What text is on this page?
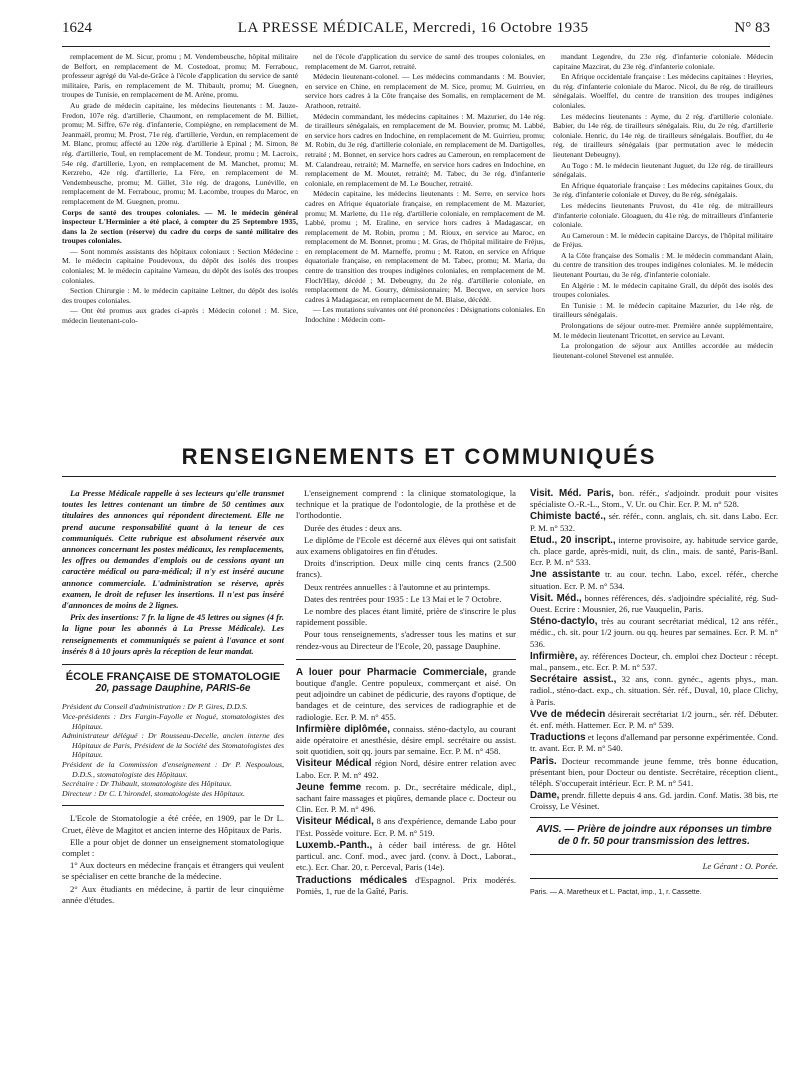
1624	LA PRESSE MÉDICALE, Mercredi, 16 Octobre 1935	N° 83

remplacement de M. Sicur, promu ; M. Vendembeusche, hôpital militaire de Belfort, en remplacement de M. Costedoat, promu; M. Ferrabouc, professeur agrégé du Val-de-Grâce à l'école d'application du service de santé militaire, Paris, en remplacement de M. Thibault, promu; M. Guegnen, troupes de Tunisie, en remplacement de M. Arène, promu.

Au grade de médecin capitaine, les médecins lieutenants : M. Jauze-Fredon, 107e rég. d'artillerie, Chaumont, en remplacement de M. Billiet, promu; M. Siffre, 67e rég. d'infanterie, Compiègne, en remplacement de M. Jeanmaël, promu; M. Prost, 71e rég. d'artillerie, Verdun, en remplacement de M. Blanc, promu; affecté au 120e rég. d'artillerie à Epinal ; M. Simon, 8e rég. d'artillerie, Toul, en remplacement de M. Tondeur, promu ; M. Lacroix, 54e rég. d'artillerie, Lyon, en remplacement de M. Manchet, promu; M. Kerzreho, 42e rég. d'artillerie, La Fère, en remplacement de M. Vendembeusche, promu; M. Gillet, 31e rég. de dragons, Lunéville, en remplacement de M. Ferrabouc, promu; M. Lacombe, troupes du Maroc, en remplacement de M. Guegnen, promu.

Corps de santé des troupes coloniales. — M. le médecin général inspecteur L'Herminier a été placé, à compter du 25 Septembre 1935, dans la 2e section (réserve) du cadre du corps de santé militaire des troupes coloniales.

— Sont nommés assistants des hôpitaux coloniaux : Section Médecine : M. le médecin capitaine Poudevoux, du dépôt des isolés des troupes coloniales; M. le médecin capitaine Varneau, du dépôt des isolés des troupes coloniales.

Section Chirurgie : M. le médecin capitaine Leltner, du dépôt des isolés des troupes coloniales.

— Ont été promus aux grades ci-après : Médecin colonel : M. Sice, médecin lieutenant-colo-

nel de l'école d'application du service de santé des troupes coloniales, en remplacement de M. Garrot, retraité.

Médecin lieutenant-colonel. — Les médecins commandants : M. Bouvier, en service en Chine, en remplacement de M. Sice, promu; M. Guirrieu, en service hors cadres à la Côte française des Somalis, en remplacement de M. Arathoon, retraité.

Médecin commandant, les médecins capitaines : M. Mazurier, du 14e rég. de tirailleurs sénégalais, en remplacement de M. Bouvier, promu; M. Labbé, en service hors cadres en Indochine, en remplacement de M. Guirrieu, promu; M. Robin, du 3e rég. d'artillerie coloniale, en remplacement de M. Dartigolles, retraité ; M. Bonnet, en service hors cadres au Cameroun, en remplacement de M. Calandreau, retraité; M. Marneffe, en service hors cadres en Indochine, en remplacement de M. Moutet, retraité; M. Tabec, du 3e rég. d'infanterie coloniale, en remplacement de M. Le Boucher, retraité.

Médecin capitaine, les médecins lieutenants : M. Serre, en service hors cadres en Afrique équatoriale française, en remplacement de M. Mazurier, promu; M. Marlette, du 11e rég. d'artillerie coloniale, en remplacement de M. Labbé, promu ; M. Eraline, en service hors cadres à Madagascar, en remplacement de M. Robin, promu ; M. Rioux, en service au Maroc, en remplacement de M. Bonnet, promu ; M. Gras, de l'hôpital militaire de Fréjus, en remplacement de M. Marneffe, promu ; M. Raton, en service en Afrique équatoriale française, en remplacement de M. Tabec, promu; M. Maria, du centre de transition des troupes indigènes coloniales, en remplacement de M. Floch'Hlay, décédé ; M. Debeugny, du 2e rég. d'artillerie coloniale, en remplacement de M. Gourry, démissionnaire; M. Becqwe, en service hors cadres à Madagascar, en remplacement de M. Blaise, décédé.

— Les mutations suivantes ont été prononcées : Désignations coloniales. En Indochine : Médecin com-

mandant Legendre, du 23e rég. d'infanterie coloniale. Médecin capitaine Mazcirat, du 23e rég. d'infanterie coloniale.

En Afrique occidentale française : Les médecins capitaines : Heyries, du rég. d'infanterie coloniale du Maroc. Nicol, du 8e rég. de tirailleurs sénégalais. Woelffel, du centre de transition des troupes indigènes coloniales.

Les médecins lieutenants : Ayme, du 2 rég. d'artillerie coloniale. Babier, du 14e rég. de tirailleurs sénégalais. Riu, du 2e rég. d'artillerie coloniale. Henric, du 14e rég. de tirailleurs sénégalais. Bouffier, du 4e rég. de tirailleurs sénégalais (par permutation avec le médecin lieutenant Debeugny).

Au Togo : M. le médecin lieutenant Juguet, du 12e rég. de tirailleurs sénégalais.

En Afrique équatoriale française : Les médecins capitaines Goux, du 3e rég. d'infanterie coloniale et Duvey, du 8e rég. sénégalais.

Les médecins lieutenants Pruvost, du 41e rég. de mitrailleurs d'infanterie coloniale. Gloaguen, du 41e rég. de mitrailleurs d'infanterie coloniale.

Au Cameroun : M. le médecin capitaine Darcys, de l'hôpital militaire de Fréjus.

A la Côte française des Somalis : M. le médecin commandant Alain, du centre de transition des troupes indigènes coloniales. M. le médecin lieutenant Pourtau, du 3e rég. d'infanterie coloniale.

En Algérie : M. le médecin capitaine Grall, du dépôt des isolés des troupes coloniales.

En Tunisie : M. le médecin capitaine Mazurier, du 14e rég. de tirailleurs sénégalais.

Prolongations de séjour outre-mer. Première année supplémentaire, M. le médecin lieutenant Tricottet, en service au Levant.

La prolongation de séjour aux Antilles accordée au médecin lieutenant-colonel Stevenel est annulée.

RENSEIGNEMENTS ET COMMUNIQUÉS

La Presse Médicale rappelle à ses lecteurs qu'elle transmet toutes les lettres contenant un timbre de 50 centimes aux titulaires des annonces qui répondent directement. Elle ne prend aucune responsabilité quant à la teneur de ces communiqués. Cette rubrique est absolument réservée aux annonces concernant les postes médicaux, les remplacements, les offres ou demandes d'emplois ou de cessions ayant un caractère médical ou para-médical; il n'y est inséré aucune annonce commerciale. L'administration se réserve, après examen, le droit de refuser les insertions. Il n'est pas inséré d'annonces de moins de 2 lignes.

Prix des insertions: 7 fr. la ligne de 45 lettres ou signes (4 fr. la ligne pour les abonnés à La Presse Médicale). Les renseignements et communiqués se paient à l'avance et sont insérés 8 à 10 jours après la réception de leur mandat.

ÉCOLE FRANÇAISE DE STOMATOLOGIE
20, passage Dauphine, PARIS-6e

Président du Conseil d'administration : Dr P. Gires, D.D.S.

Vice-présidents : Drs Fargin-Fayolle et Nogué, stomatologistes des Hôpitaux.

Administrateur délégué : Dr Rousseau-Decelle, ancien interne des Hôpitaux de Paris, Président de la Société des Stomatologistes des Hôpitaux.

Président de la Commission d'enseignement : Dr P. Nespoulous, D.D.S., stomatologiste des Hôpitaux.

Secrétaire : Dr Thibault, stomatologiste des Hôpitaux.

Directeur : Dr C. L'hirondel, stomatologiste des Hôpitaux.

L'Ecole de Stomatologie a été créée, en 1909, par le Dr L. Cruet, élève de Magitot et ancien interne des Hôpitaux de Paris.

Elle a pour objet de donner un enseignement stomatologique complet :

1° Aux docteurs en médecine français et étrangers qui veulent se spécialiser en cette branche de la médecine.

2° Aux étudiants en médecine, à partir de leur cinquième année d'études.

L'enseignement comprend : la clinique stomatologique, la technique et la pratique de l'odontologie, de la prothèse et de l'orthodontie.

Durée des études : deux ans.

Le diplôme de l'Ecole est décerné aux élèves qui ont satisfait aux examens obligatoires en fin d'études.

Droits d'inscription. Deux mille cinq cents francs (2.500 francs).

Deux rentrées annuelles : à l'automne et au printemps.

Dates des rentrées pour 1935 : Le 13 Mai et le 7 Octobre.

Le nombre des places étant limité, prière de s'inscrire le plus rapidement possible.

Pour tous renseignements, s'adresser tous les matins et sur rendez-vous au Directeur de l'Ecole, 20, passage Dauphine.

A louer pour Pharmacie Commerciale, grande boutique d'angle. Centre populeux, commerçant et aisé. On peut adjoindre un cabinet de pédicurie, des rayons d'optique, de bandages et de ceinture, des services de radiographie et de radiologie. Ecr. P. M. n° 455.

Infirmière diplômée, connaiss. sténo-dactylo, au courant aide opératoire et anesthésie, désire empl. secrétaire ou assist. soit quotidien, soit qq. jours par semaine. Ecr. P. M. n° 458.

Visiteur Médical région Nord, désire entrer relation avec Labo. Ecr. P. M. n° 492.

Jeune femme recom. p. Dr., secrétaire médicale, dipl., sachant faire massages et piqûres, demande place c. Docteur ou Clin. Ecr. P. M. n° 496.

Visiteur Médical, 8 ans d'expérience, demande Labo pour l'Est. Possède voiture. Ecr. P. M. n° 519.

Luxemb.-Panth., à céder bail intéress. de gr. Hôtel particul. anc. Conf. mod., avec jard. (conv. à Doct., Laborat., etc.). Ecr. Char. 20, r. Perceval, Paris (14e).

Traductions médicales d'Espagnol. Prix modérés. Pomiès, 1, rue de la Gaîté, Paris.

Visit. Méd. Paris, bon. référ., s'adjoindr. produit pour visites spécialiste O.-R.-L., Stom., V. Ur. ou Chir. Ecr. P. M. n° 528.

Chimiste bacté., sér. référ., conn. anglais, ch. sit. dans Labo. Ecr. P. M. n° 532.

Etud., 20 inscript., interne provisoire, ay. habitude service garde, ch. place garde, après-midi, nuit, ds clin., mais. de santé, Paris-Banl. Ecr. P. M. n° 533.

Jne assistante tr. au cour. techn. Labo, excel. référ., cherche situation. Ecr. P. M. n° 534.

Visit. Méd., bonnes références, dés. s'adjoindre spécialité, rég. Sud-Ouest. Ecrire : Mousnier, 26, rue Vauquelin, Paris.

Sténo-dactylo, très au courant secrétariat médical, 12 ans référ., médic., ch. sit. pour 1/2 journ. ou qq. heures par semaines. Ecr. P. M. n° 536.

Infirmière, ay. références Docteur, ch. emploi chez Docteur : récept. mal., pansem., etc. Ecr. P. M. n° 537.

Secrétaire assist., 32 ans, conn. gynéc., agents phys., man. radiol., sténo-dact. exp., ch. situation. Sér. réf., Duval, 10, place Clichy, à Paris.

Vve de médecin désirerait secrétariat 1/2 journ., sér. réf. Débuter. ét. enf. méth. Hattemer. Ecr. P. M. n° 539.

Traductions et leçons d'allemand par personne expérimentée. Cond. tr. avant. Ecr. P. M. n° 540.

Paris. Docteur recommande jeune femme, très bonne éducation, présentant bien, pour Docteur ou dentiste. Secrétaire, réception client., téléph. S'occuperait intérieur. Ecr. P. M. n° 541.

Dame, prendr. fillette depuis 4 ans. Gd. jardin. Conf. Matis. 38 bis, rte Croissy, Le Vésinet.

AVIS. — Prière de joindre aux réponses un timbre de 0 fr. 50 pour transmission des lettres.
Le Gérant : O. Porée.
Paris. — A. Maretheux et L. Pactat, imp., 1, r. Cassette.
